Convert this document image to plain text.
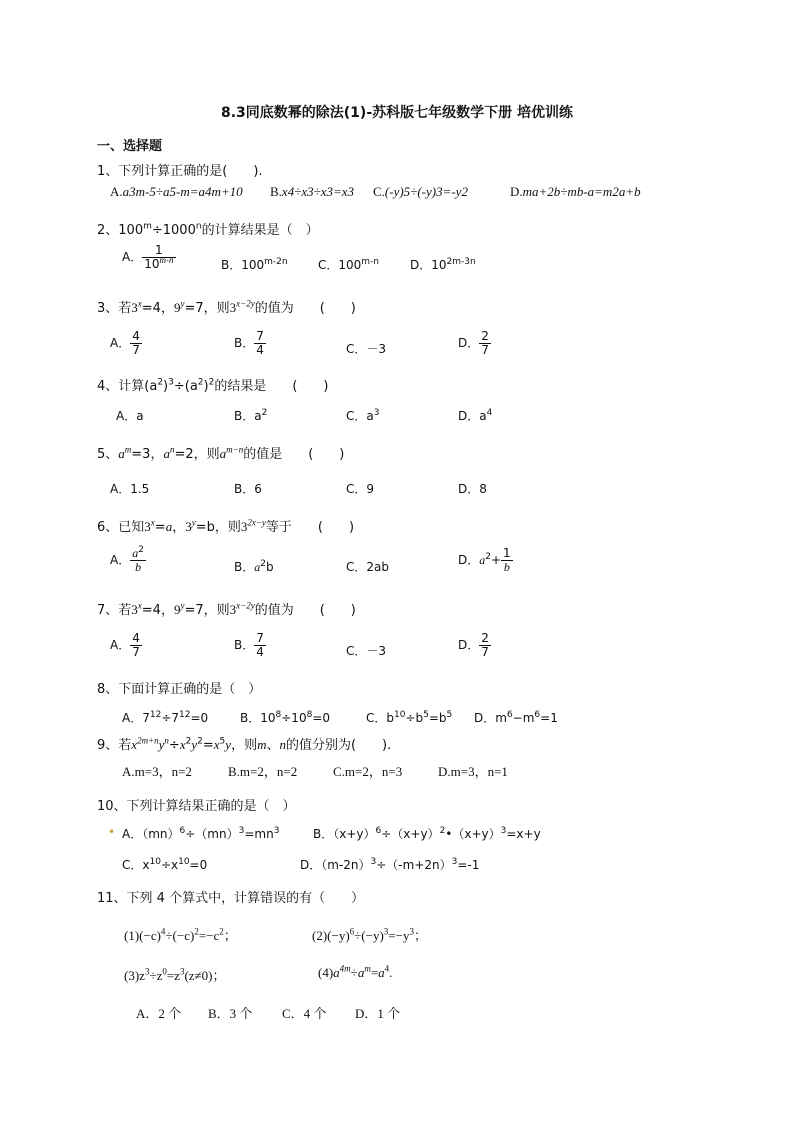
8.3同底数幂的除法(1)-苏科版七年级数学下册 培优训练
一、选择题
1、下列计算正确的是(　　).
A.a3m-5÷a5-m=a4m+10 B.x4÷x3÷x3=x3 C.(-y)5÷(-y)3=-y2	D.ma+2b÷mb-a=m2a+b
2、$100^m\div 1000^n$的计算结果是（　）
A． $\frac{1}{10^{m-n}}$	B．$100^{m-2n}$	C．100$^{m-n}$	D．$10^{2m-3n}$
3、若$3^x=4$，$9^y=7$，则$3^{x-2y}$的值为　　(　　)
A． $\frac{4}{7}$	B． $\frac{7}{4}$	C．－3	D． $\frac{2}{7}$
4、计算$(a^2)^3\div(a^2)^2$的结果是　　(　　)
A．a	B．$a^2$	C．$a^3$	D．$a^4$
5、$a^m=3$，$a^n=2$，则$a^{m-n}$的值是　　(　　)
A．1.5	B．6	C．9	D．8
6、已知$3^x=a$，$3^y=b$，则$3^{2x-y}$等于　　(　　)
A． $\frac{a^2}{b}$	B．$a^2b$	C．2ab	D．$a^2+ \frac{1}{b}$
7、若$3^x=4$，$9^y=7$，则$3^{x-2y}$的值为　　(　　)
A． $\frac{4}{7}$	B． $\frac{7}{4}$	C．－3	D． $\frac{2}{7}$
8、下面计算正确的是（　）
A．$7^{12}\div 7^{12}=0$	B．$10^8\div 10^8=0$	C．$b^{10}\div b^5=b^5$ D．$m^6-m^6=1$
9、若$x^{2m+n}y^n\div x^2y^2=x^5y$，则m、n的值分别为(　　).
A.m=3，n=2	B.m=2，n=2	C.m=2，n=3	D.m=3，n=1
10、下列计算结果正确的是（　）
• A．$(mn)^6\div(mn)^3=mn^3$	B．$(x+y)^6\div(x+y)^2•(x+y)^3=x+y$
C．$x^{10}\div x^{10}=0$	D．$(m-2n)^3\div(-m+2n)^3=-1$
11、下列 4 个算式中，计算错误的有（　　）
$(1)(-c)^4\div(-c)^2=-c^2$；	$(2)(-y)^6\div(-y)^3=-y^3$；
$(3)z^3\div z^0=z^3(z\ne 0)$；	$(4)a^{4m}\div a^m=a^4$.
A．2 个 B．3 个 C．4 个 D．1 个
